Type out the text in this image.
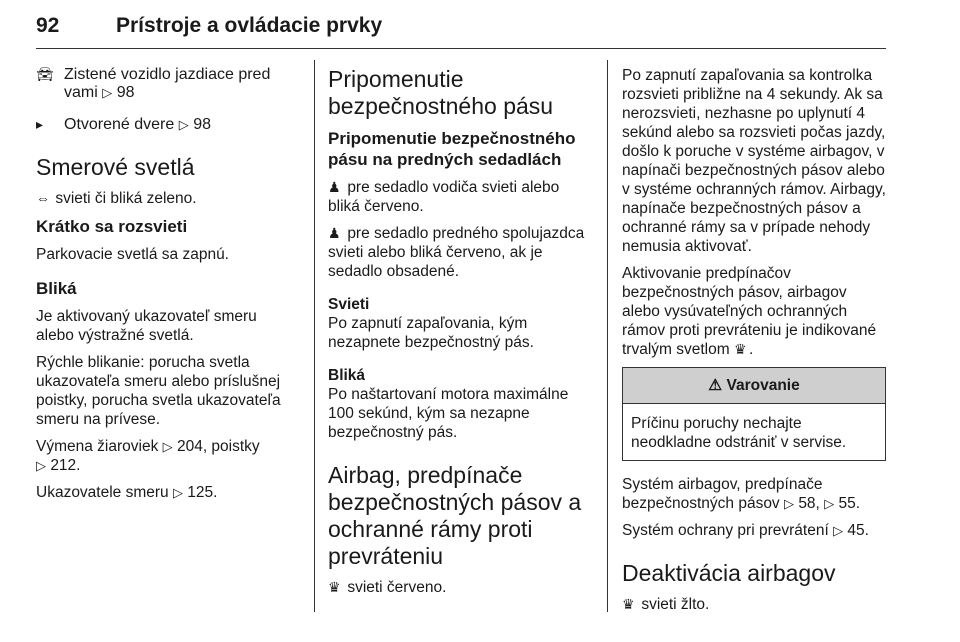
92	Prístroje a ovládacie prvky
🚘︎ Zistené vozidlo jazdiace pred vami ▷ 98
▸	Otvorené dvere ▷ 98
Smerové svetlá

⇔ svieti či bliká zeleno.

Krátko sa rozsvieti

Parkovacie svetlá sa zapnú.

Bliká

Je aktivovaný ukazovateľ smeru alebo výstražné svetlá.

Rýchle blikanie: porucha svetla ukazovateľa smeru alebo príslušnej poistky, porucha svetla ukazovateľa smeru na prívese.

Výmena žiaroviek ▷ 204, poistky
▷ 212.

Ukazovatele smeru ▷ 125.

Pripomenutie bezpečnostného pásu
Pripomenutie bezpečnostného pásu na predných sedadlách

♟ pre sedadlo vodiča svieti alebo bliká červeno.

♟ pre sedadlo predného spolujazdca svieti alebo bliká červeno, ak je sedadlo obsadené.

Svieti
Po zapnutí zapaľovania, kým nezapnete bezpečnostný pás.

Bliká
Po naštartovaní motora maximálne 100 sekúnd, kým sa nezapne bezpečnostný pás.

Airbag, predpínače bezpečnostných pásov a ochranné rámy proti prevráteniu

♛ svieti červeno.

Po zapnutí zapaľovania sa kontrolka rozsvieti približne na 4 sekundy. Ak sa nerozsvieti, nezhasne po uplynutí 4 sekúnd alebo sa rozsvieti počas jazdy, došlo k poruche v systéme airbagov, v napínači bezpečnostných pásov alebo v systéme ochranných rámov. Airbagy, napínače bezpečnostných pásov a ochranné rámy sa v prípade nehody nemusia aktivovať.

Aktivovanie predpínačov bezpečnostných pásov, airbagov alebo vysúvateľných ochranných rámov proti prevráteniu je indikované trvalým svetlom ♛ .

⚠ Varovanie
Príčinu poruchy nechajte neodkladne odstrániť v servise.

Systém airbagov, predpínače bezpečnostných pásov ▷ 58, ▷ 55.

Systém ochrany pri prevrátení ▷ 45.

Deaktivácia airbagov

♛ svieti žlto.
